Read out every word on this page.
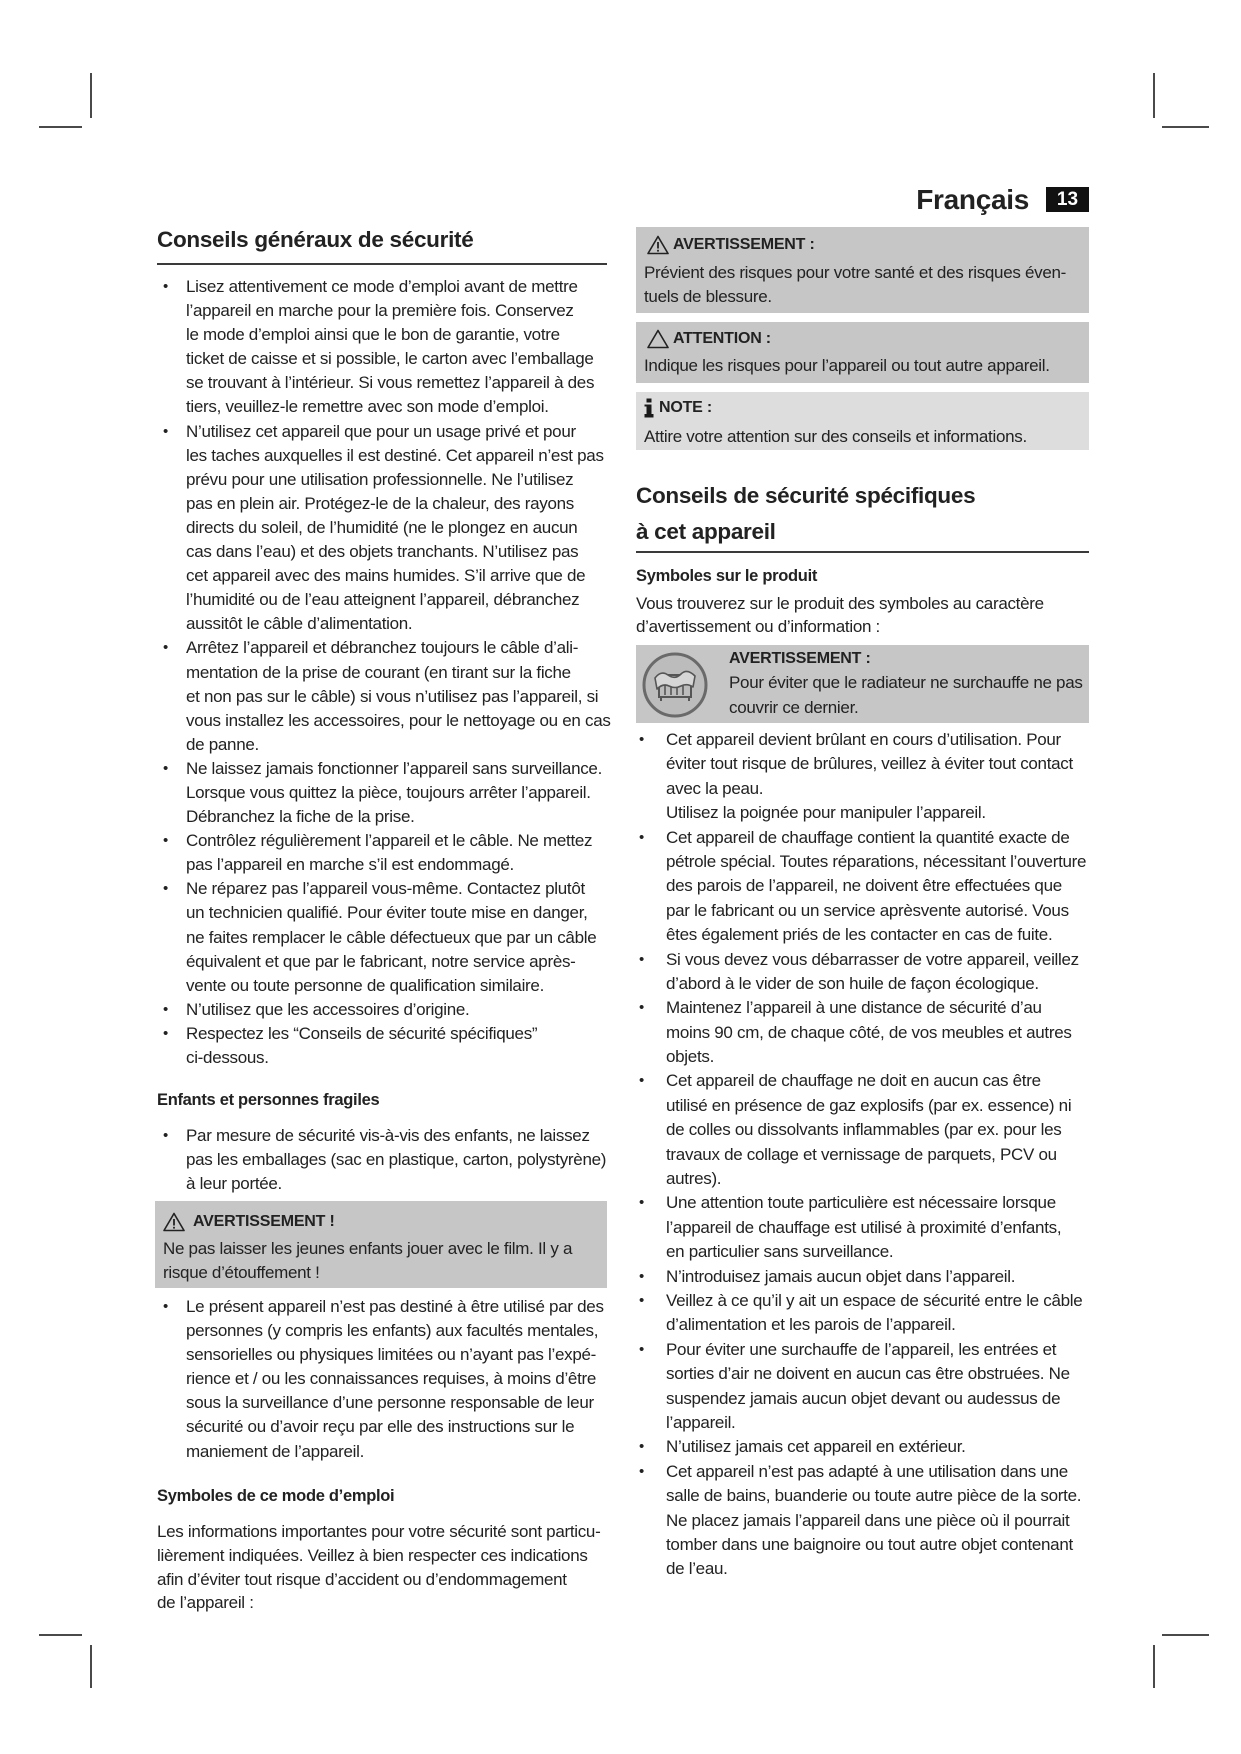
Français	13
Conseils généraux de sécurité
•
Lisez attentivement ce mode d’emploi avant de mettre
l’appareil en marche pour la première fois. Conservez
le mode d’emploi ainsi que le bon de garantie, votre
ticket de caisse et si possible, le carton avec l’emballage
se trouvant à l’intérieur. Si vous remettez l’appareil à des
tiers, veuillez-le remettre avec son mode d’emploi.
•
N’utilisez cet appareil que pour un usage privé et pour
les taches auxquelles il est destiné. Cet appareil n’est pas
prévu pour une utilisation professionnelle. Ne l’utilisez
pas en plein air. Protégez-le de la chaleur, des rayons
directs du soleil, de l’humidité (ne le plongez en aucun
cas dans l’eau) et des objets tranchants. N’utilisez pas
cet appareil avec des mains humides. S’il arrive que de
l’humidité ou de l’eau atteignent l’appareil, débranchez
aussitôt le câble d’alimentation.
•
Arrêtez l’appareil et débranchez toujours le câble d’ali-
mentation de la prise de courant (en tirant sur la fiche
et non pas sur le câble) si vous n’utilisez pas l’appareil, si
vous installez les accessoires, pour le nettoyage ou en cas
de panne.
•
Ne laissez jamais fonctionner l’appareil sans surveillance.
Lorsque vous quittez la pièce, toujours arrêter l’appareil.
Débranchez la fiche de la prise.
•
Contrôlez régulièrement l’appareil et le câble. Ne mettez
pas l’appareil en marche s’il est endommagé.
•
Ne réparez pas l’appareil vous-même. Contactez plutôt
un technicien qualifié. Pour éviter toute mise en danger,
ne faites remplacer le câble défectueux que par un câble
équivalent et que par le fabricant, notre service après-
vente ou toute personne de qualification similaire.
•
N’utilisez que les accessoires d’origine.
•
Respectez les “Conseils de sécurité spécifiques”
ci-dessous.
Enfants et personnes fragiles
•
Par mesure de sécurité vis-à-vis des enfants, ne laissez
pas les emballages (sac en plastique, carton, polystyrène)
à leur portée.
AVERTISSEMENT !
Ne pas laisser les jeunes enfants jouer avec le film. Il y a
risque d’étouffement !
•
Le présent appareil n’est pas destiné à être utilisé par des
personnes (y compris les enfants) aux facultés mentales,
sensorielles ou physiques limitées ou n’ayant pas l’expé-
rience et / ou les connaissances requises, à moins d’être
sous la surveillance d’une personne responsable de leur
sécurité ou d’avoir reçu par elle des instructions sur le
maniement de l’appareil.
Symboles de ce mode d’emploi
Les informations importantes pour votre sécurité sont particu-
lièrement indiquées. Veillez à bien respecter ces indications
afin d’éviter tout risque d’accident ou d’endommagement
de l’appareil :
AVERTISSEMENT :
Prévient des risques pour votre santé et des risques éven-
tuels de blessure.
ATTENTION :
Indique les risques pour l’appareil ou tout autre appareil.
NOTE :
Attire votre attention sur des conseils et informations.
Conseils de sécurité spécifiques
à cet appareil
Symboles sur le produit
Vous trouverez sur le produit des symboles au caractère
d’avertissement ou d’information :
AVERTISSEMENT :
Pour éviter que le radiateur ne surchauffe ne pas
couvrir ce dernier.
•
Cet appareil devient brûlant en cours d’utilisation. Pour
éviter tout risque de brûlures, veillez à éviter tout contact
avec la peau.
Utilisez la poignée pour manipuler l’appareil.
•
Cet appareil de chauffage contient la quantité exacte de
pétrole spécial. Toutes réparations, nécessitant l’ouverture
des parois de l’appareil, ne doivent être effectuées que
par le fabricant ou un service aprèsvente autorisé. Vous
êtes également priés de les contacter en cas de fuite.
•
Si vous devez vous débarrasser de votre appareil, veillez
d’abord à le vider de son huile de façon écologique.
•
Maintenez l’appareil à une distance de sécurité d’au
moins 90 cm, de chaque côté, de vos meubles et autres
objets.
•
Cet appareil de chauffage ne doit en aucun cas être
utilisé en présence de gaz explosifs (par ex. essence) ni
de colles ou dissolvants inflammables (par ex. pour les
travaux de collage et vernissage de parquets, PCV ou
autres).
•
Une attention toute particulière est nécessaire lorsque
l’appareil de chauffage est utilisé à proximité d’enfants,
en particulier sans surveillance.
•
N’introduisez jamais aucun objet dans l’appareil.
•
Veillez à ce qu’il y ait un espace de sécurité entre le câble
d’alimentation et les parois de l’appareil.
•
Pour éviter une surchauffe de l’appareil, les entrées et
sorties d’air ne doivent en aucun cas être obstruées. Ne
suspendez jamais aucun objet devant ou audessus de
l’appareil.
•
N’utilisez jamais cet appareil en extérieur.
•
Cet appareil n’est pas adapté à une utilisation dans une
salle de bains, buanderie ou toute autre pièce de la sorte.
Ne placez jamais l’appareil dans une pièce où il pourrait
tomber dans une baignoire ou tout autre objet contenant
de l’eau.
